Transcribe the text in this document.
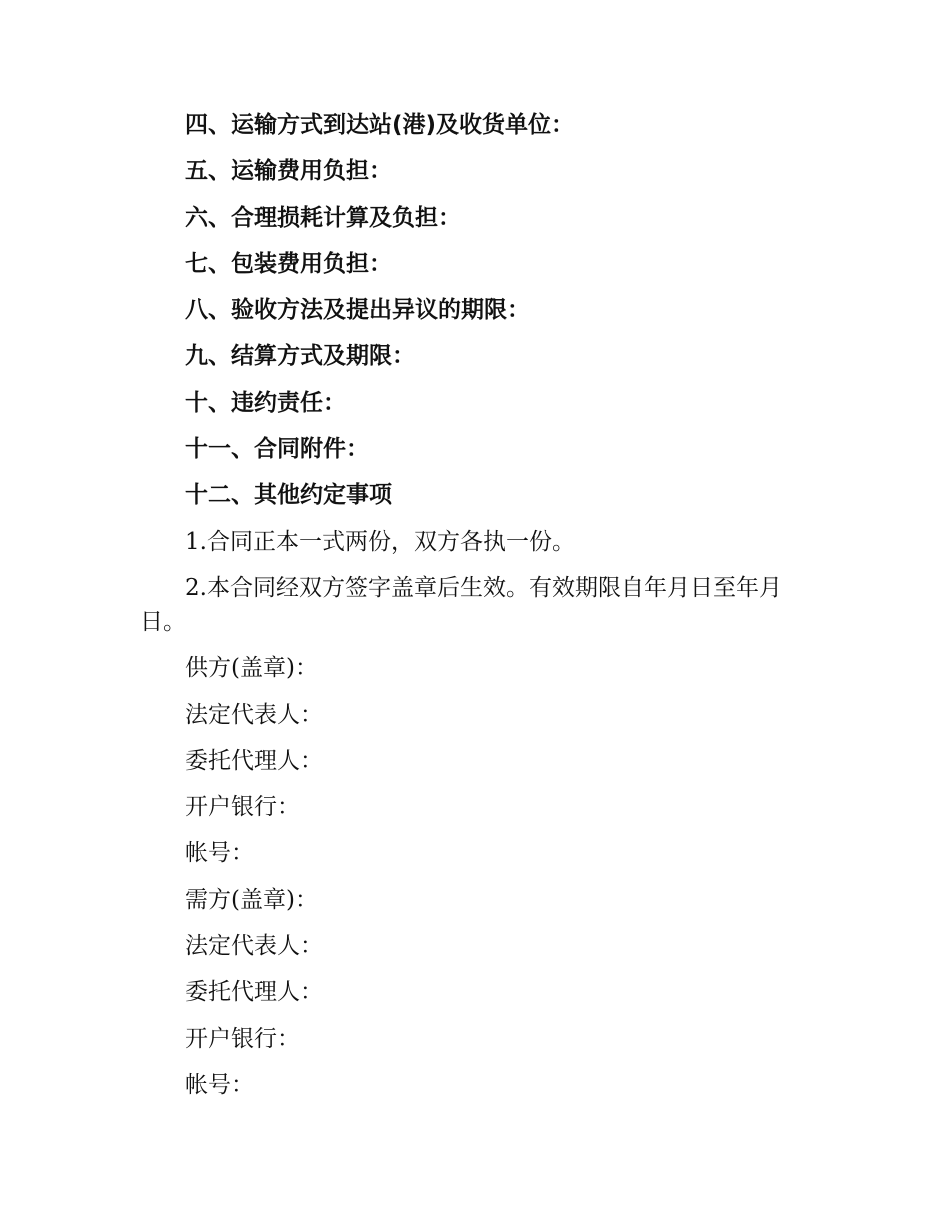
四、运输方式到达站(港)及收货单位：
五、运输费用负担：
六、合理损耗计算及负担：
七、包装费用负担：
八、验收方法及提出异议的期限：
九、结算方式及期限：
十、违约责任：
十一、合同附件：
十二、其他约定事项
1.合同正本一式两份，双方各执一份。
2.本合同经双方签字盖章后生效。有效期限自年月日至年月日。
供方(盖章)：
法定代表人：
委托代理人：
开户银行：
帐号：
需方(盖章)：
法定代表人：
委托代理人：
开户银行：
帐号：
